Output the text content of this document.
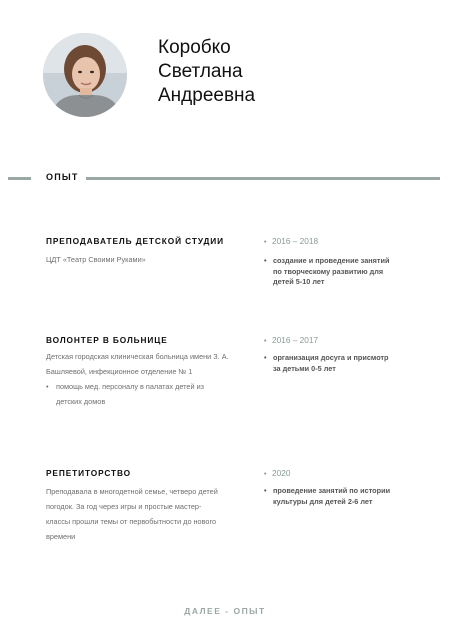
Коробко
Светлана
Андреевна
ОПЫТ
ПРЕПОДАВАТЕЛЬ ДЕТСКОЙ СТУДИИ
ЦДТ «Театр Своими Руками»
• 2016 – 2018
• создание и проведение занятий по творческому развитию для детей 5-10 лет
ВОЛОНТЕР В БОЛЬНИЦЕ
Детская городская клиническая больница имени З. А. Башляевой, инфекционное отделение № 1
• помощь мед. персоналу в палатах детей из детских домов
• 2016 – 2017
• организация досуга и присмотр за детьми 0-5 лет
РЕПЕТИТОРСТВО
Преподавала в многодетной семье, четверо детей погодок. За год через игры и простые мастер-классы прошли темы от первобытности до нового времени
• 2020
• проведение занятий по истории культуры для детей 2-6 лет
ДАЛЕЕ - ОПЫТ
